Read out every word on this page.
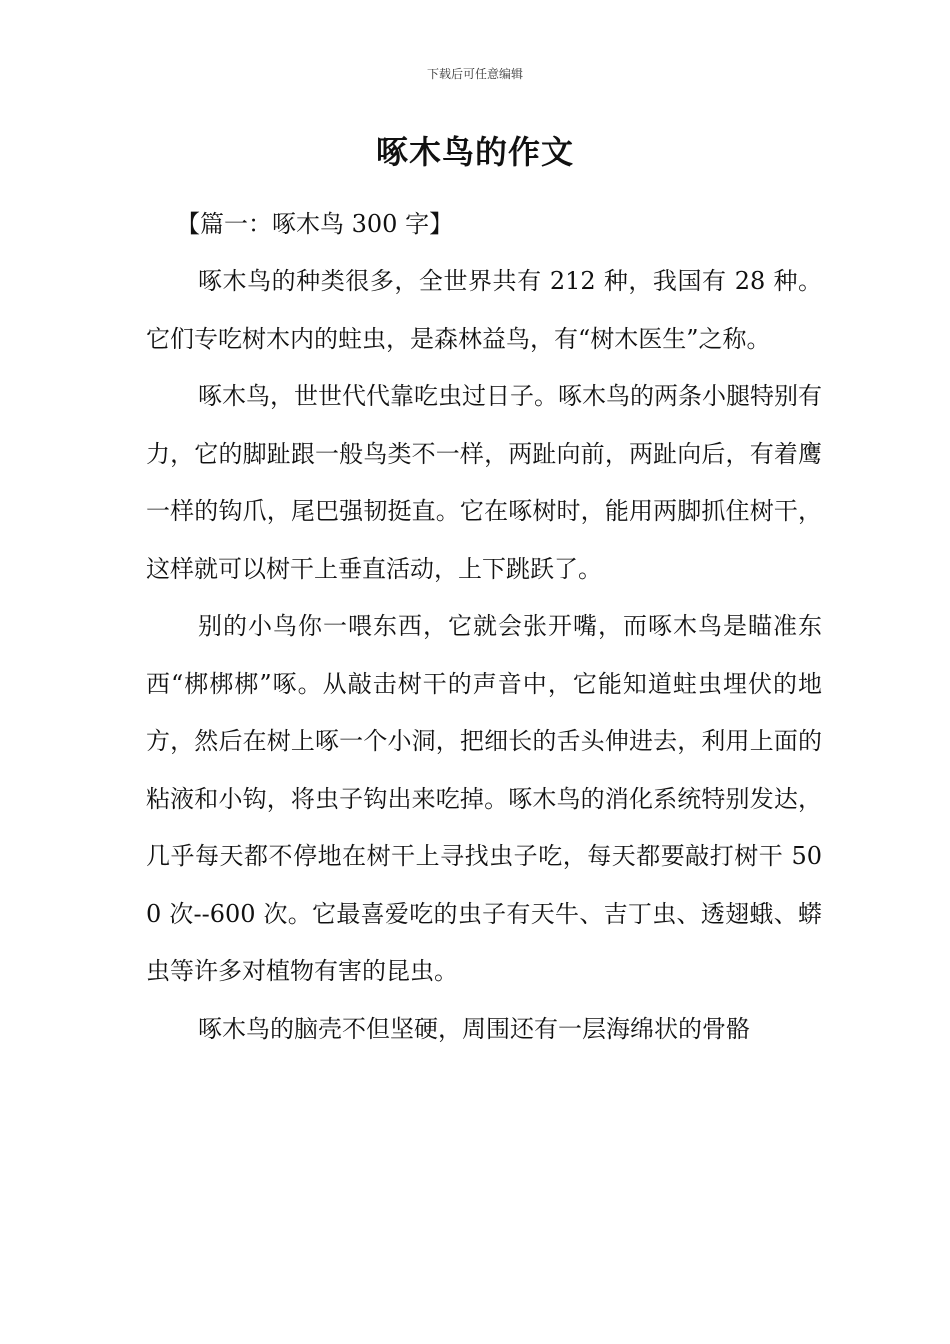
下载后可任意编辑
啄木鸟的作文

【篇一：啄木鸟 300 字】

啄木鸟的种类很多，全世界共有 212 种，我国有 28 种。它们专吃树木内的蛀虫，是森林益鸟，有“树木医生”之称。

啄木鸟，世世代代靠吃虫过日子。啄木鸟的两条小腿特别有力，它的脚趾跟一般鸟类不一样，两趾向前，两趾向后，有着鹰一样的钩爪，尾巴强韧挺直。它在啄树时，能用两脚抓住树干，这样就可以树干上垂直活动，上下跳跃了。

别的小鸟你一喂东西，它就会张开嘴，而啄木鸟是瞄准东西“梆梆梆”啄。从敲击树干的声音中，它能知道蛀虫埋伏的地方，然后在树上啄一个小洞，把细长的舌头伸进去，利用上面的粘液和小钩，将虫子钩出来吃掉。啄木鸟的消化系统特别发达，几乎每天都不停地在树干上寻找虫子吃，每天都要敲打树干 500 次--600 次。它最喜爱吃的虫子有天牛、吉丁虫、透翅蛾、蟒虫等许多对植物有害的昆虫。

啄木鸟的脑壳不但坚硬，周围还有一层海绵状的骨骼
